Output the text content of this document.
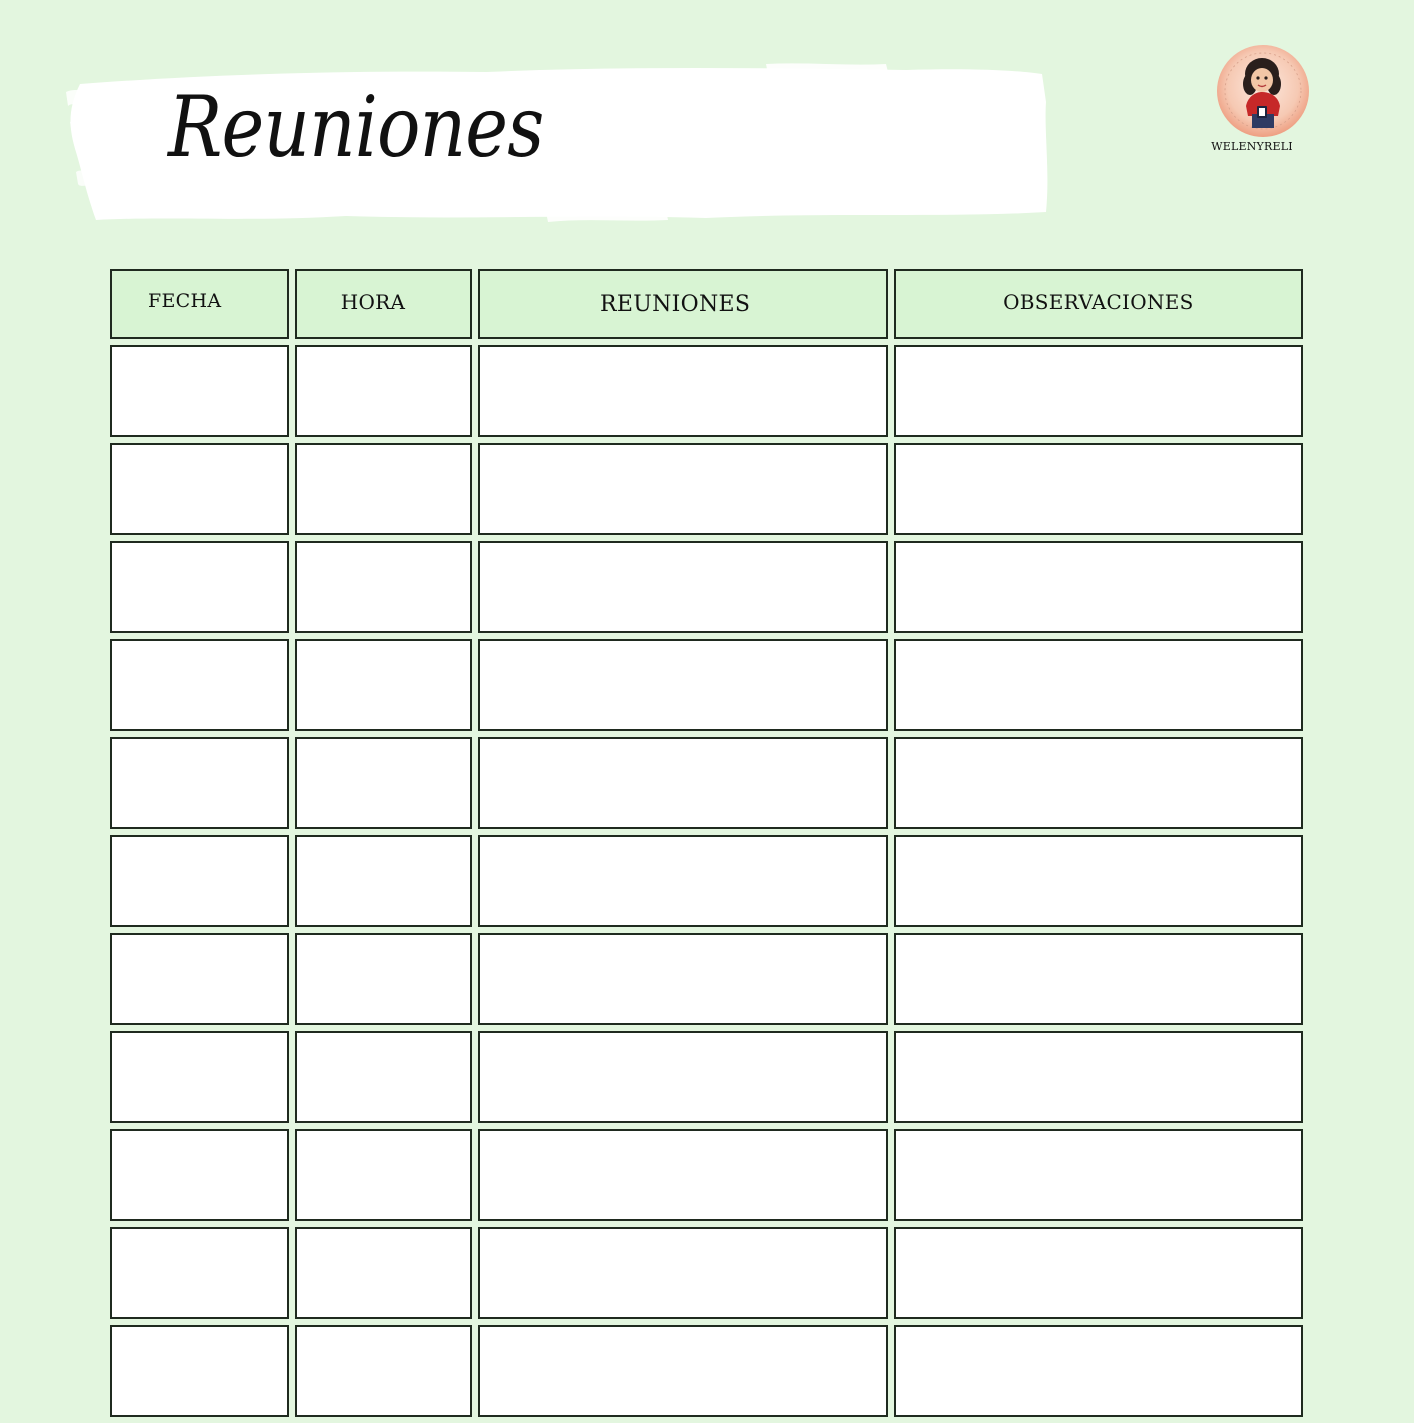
Reuniones	WELENYRELI
FECHA	HORA	REUNIONES	OBSERVACIONES
